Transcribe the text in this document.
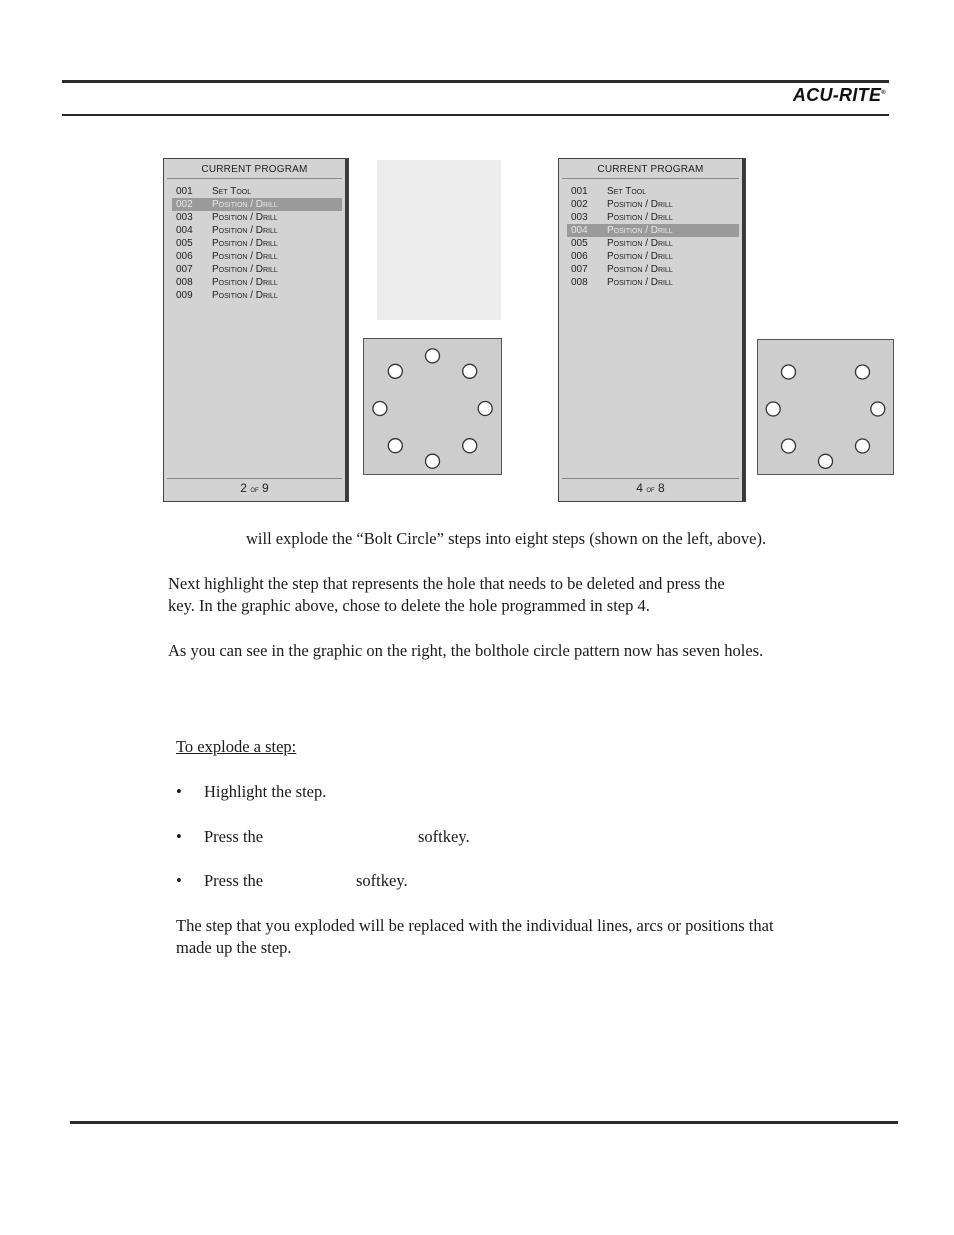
ACU-RITE®
CURRENT PROGRAM
001	Set Tool
002	Position / Drill
003	Position / Drill
004	Position / Drill
005	Position / Drill
006	Position / Drill
007	Position / Drill
008	Position / Drill
009	Position / Drill
2 of 9
CURRENT PROGRAM
001	Set Tool
002	Position / Drill
003	Position / Drill
004	Position / Drill
005	Position / Drill
006	Position / Drill
007	Position / Drill
008	Position / Drill
4 of 8

will explode the “Bolt Circle” steps into eight steps (shown on the left, above).

Next highlight the step that represents the hole that needs to be deleted and press the

key. In the graphic above, chose to delete the hole programmed in step 4.

As you can see in the graphic on the right, the bolthole circle pattern now has seven holes.

To explode a step:

• Highlight the step.

• Press the	softkey.

• Press the	softkey.

The step that you exploded will be replaced with the individual lines, arcs or positions that

made up the step.
